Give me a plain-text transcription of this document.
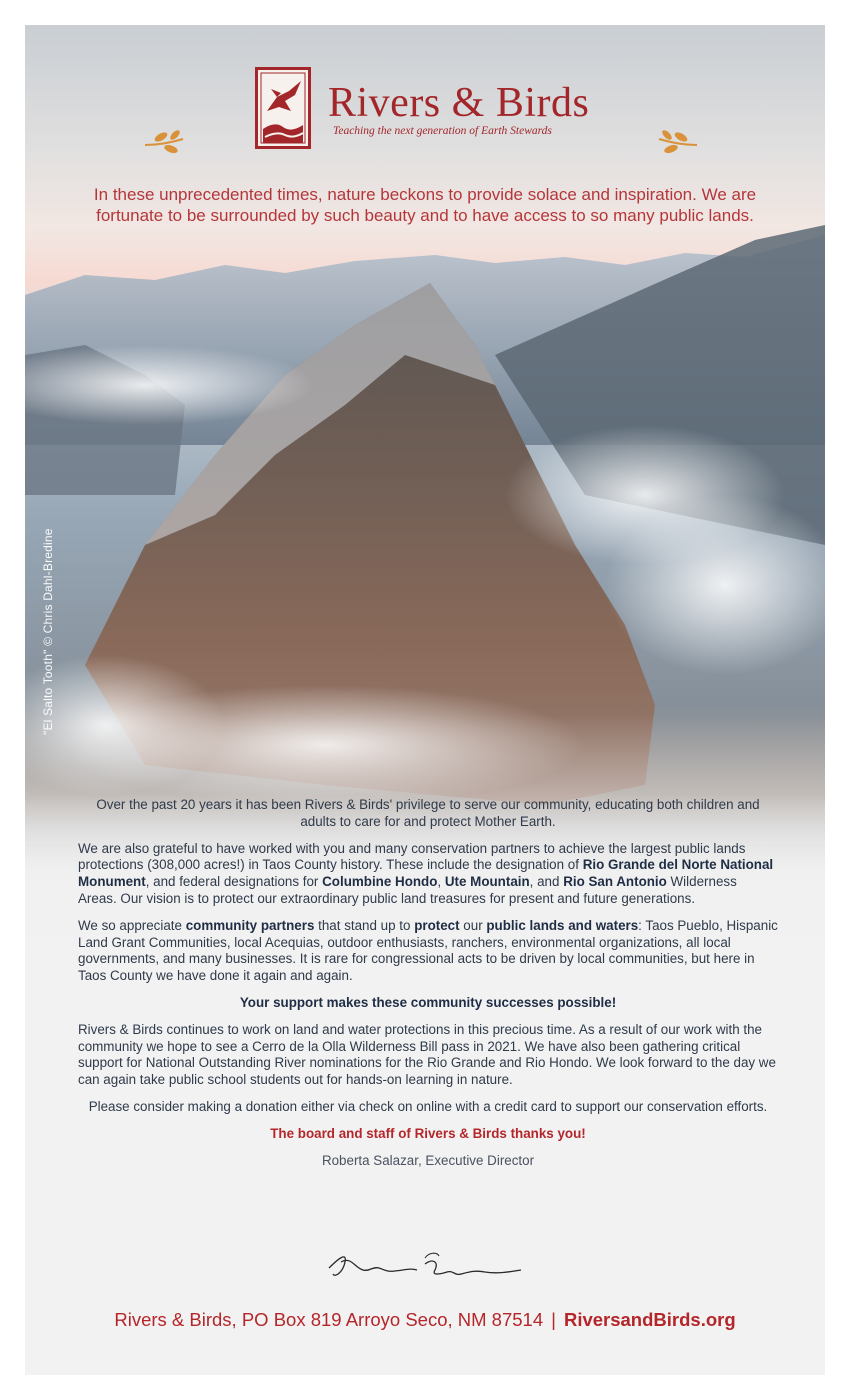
"El Salto Tooth" © Chris Dahl-Bredine
Rivers & Birds
Teaching the next generation of Earth Stewards

In these unprecedented times, nature beckons to provide solace and inspiration. We are fortunate to be surrounded by such beauty and to have access to so many public lands.

Over the past 20 years it has been Rivers & Birds' privilege to serve our community, educating both children and adults to care for and protect Mother Earth.

We are also grateful to have worked with you and many conservation partners to achieve the largest public lands protections (308,000 acres!) in Taos County history. These include the designation of Rio Grande del Norte National Monument, and federal designations for Columbine Hondo, Ute Mountain, and Rio San Antonio Wilderness Areas. Our vision is to protect our extraordinary public land treasures for present and future generations.

We so appreciate community partners that stand up to protect our public lands and waters: Taos Pueblo, Hispanic Land Grant Communities, local Acequias, outdoor enthusiasts, ranchers, environmental organizations, all local governments, and many businesses. It is rare for congressional acts to be driven by local communities, but here in Taos County we have done it again and again.

Your support makes these community successes possible!

Rivers & Birds continues to work on land and water protections in this precious time. As a result of our work with the community we hope to see a Cerro de la Olla Wilderness Bill pass in 2021. We have also been gathering critical support for National Outstanding River nominations for the Rio Grande and Rio Hondo. We look forward to the day we can again take public school students out for hands-on learning in nature.

Please consider making a donation either via check on online with a credit card to support our conservation efforts.

The board and staff of Rivers & Birds thanks you!

Roberta Salazar, Executive Director

Rivers & Birds, PO Box 819 Arroyo Seco, NM 87514 | RiversandBirds.org
